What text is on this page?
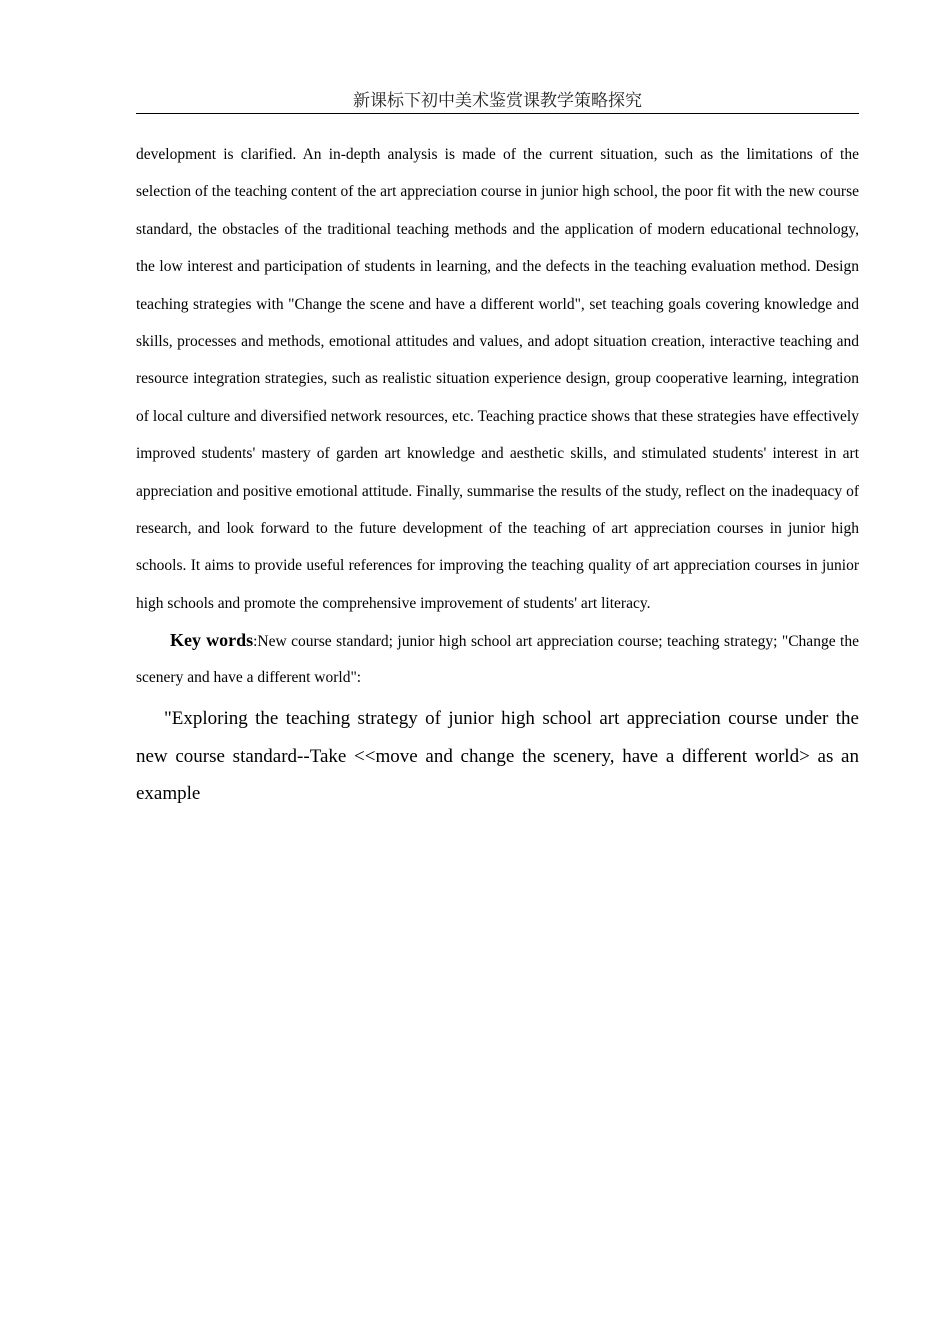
新课标下初中美术鉴赏课教学策略探究

development is clarified. An in-depth analysis is made of the current situation, such as the limitations of the selection of the teaching content of the art appreciation course in junior high school, the poor fit with the new course standard, the obstacles of the traditional teaching methods and the application of modern educational technology, the low interest and participation of students in learning, and the defects in the teaching evaluation method. Design teaching strategies with "Change the scene and have a different world", set teaching goals covering knowledge and skills, processes and methods, emotional attitudes and values, and adopt situation creation, interactive teaching and resource integration strategies, such as realistic situation experience design, group cooperative learning, integration of local culture and diversified network resources, etc. Teaching practice shows that these strategies have effectively improved students' mastery of garden art knowledge and aesthetic skills, and stimulated students' interest in art appreciation and positive emotional attitude. Finally, summarise the results of the study, reflect on the inadequacy of research, and look forward to the future development of the teaching of art appreciation courses in junior high schools. It aims to provide useful references for improving the teaching quality of art appreciation courses in junior high schools and promote the comprehensive improvement of students' art literacy.

Key words:New course standard; junior high school art appreciation course; teaching strategy; "Change the scenery and have a different world":

"Exploring the teaching strategy of junior high school art appreciation course under the new course standard--Take <<move and change the scenery, have a different world> as an example
